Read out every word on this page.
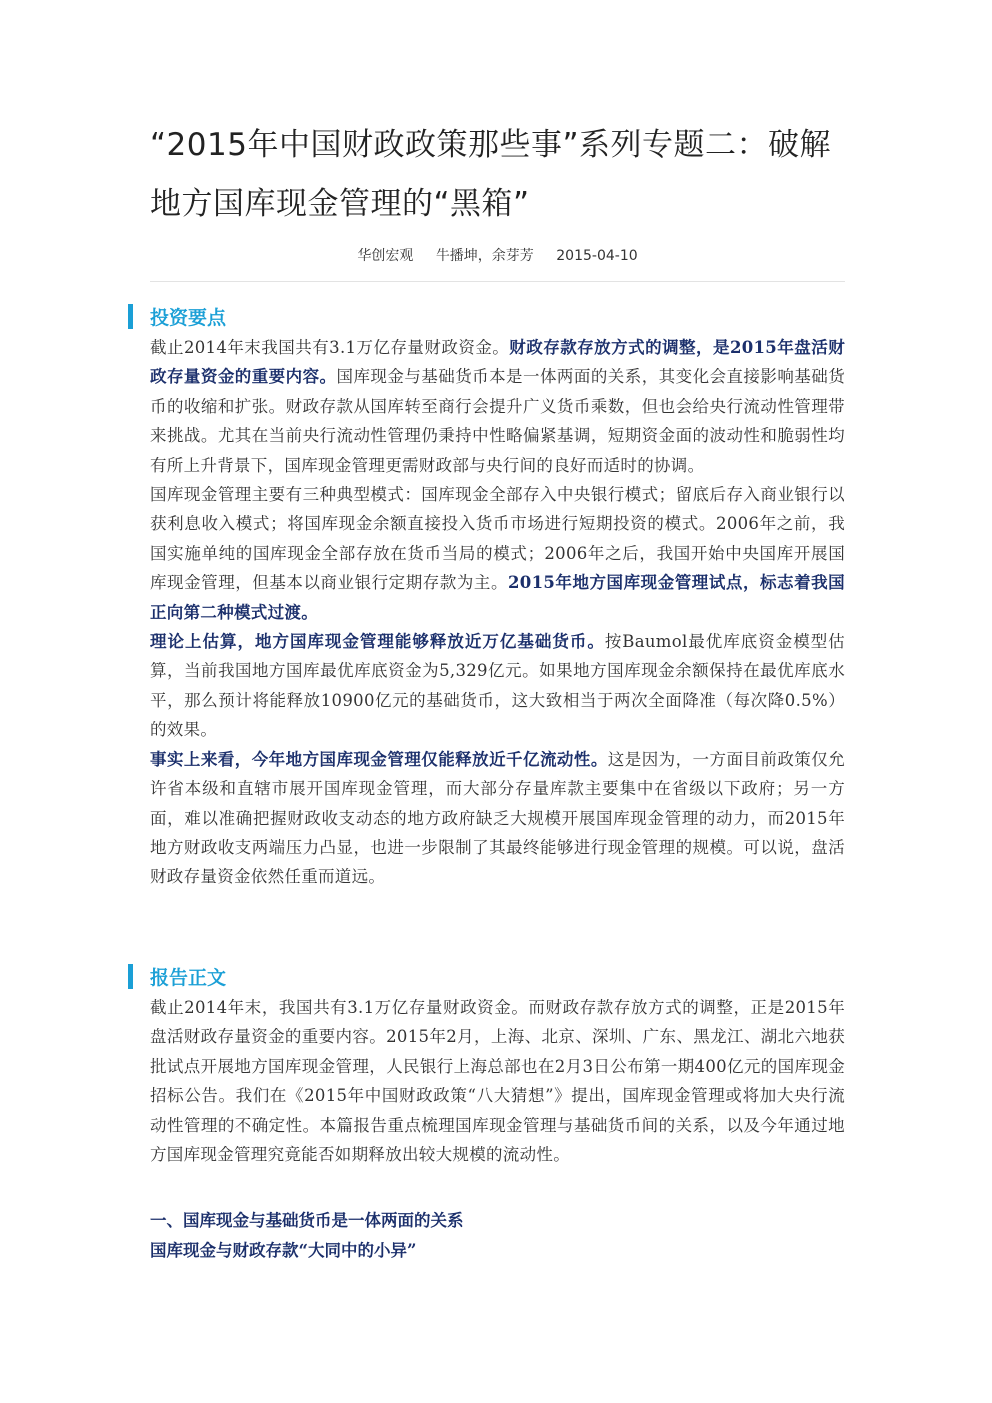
“2015年中国财政政策那些事”系列专题二：破解地方国库现金管理的“黑箱”
华创宏观 牛播坤，余芽芳 2015-04-10
投资要点

截止2014年末我国共有3.1万亿存量财政资金。财政存款存放方式的调整，是2015年盘活财政存量资金的重要内容。国库现金与基础货币本是一体两面的关系，其变化会直接影响基础货币的收缩和扩张。财政存款从国库转至商行会提升广义货币乘数，但也会给央行流动性管理带来挑战。尤其在当前央行流动性管理仍秉持中性略偏紧基调，短期资金面的波动性和脆弱性均有所上升背景下，国库现金管理更需财政部与央行间的良好而适时的协调。

国库现金管理主要有三种典型模式：国库现金全部存入中央银行模式；留底后存入商业银行以获利息收入模式；将国库现金余额直接投入货币市场进行短期投资的模式。2006年之前，我国实施单纯的国库现金全部存放在货币当局的模式；2006年之后，我国开始中央国库开展国库现金管理，但基本以商业银行定期存款为主。2015年地方国库现金管理试点，标志着我国正向第二种模式过渡。

理论上估算，地方国库现金管理能够释放近万亿基础货币。按Baumol最优库底资金模型估算，当前我国地方国库最优库底资金为5,329亿元。如果地方国库现金余额保持在最优库底水平，那么预计将能释放10900亿元的基础货币，这大致相当于两次全面降准（每次降0.5%）的效果。

事实上来看，今年地方国库现金管理仅能释放近千亿流动性。这是因为，一方面目前政策仅允许省本级和直辖市展开国库现金管理，而大部分存量库款主要集中在省级以下政府；另一方面，难以准确把握财政收支动态的地方政府缺乏大规模开展国库现金管理的动力，而2015年地方财政收支两端压力凸显，也进一步限制了其最终能够进行现金管理的规模。可以说，盘活财政存量资金依然任重而道远。

报告正文

截止2014年末，我国共有3.1万亿存量财政资金。而财政存款存放方式的调整，正是2015年盘活财政存量资金的重要内容。2015年2月，上海、北京、深圳、广东、黑龙江、湖北六地获批试点开展地方国库现金管理，人民银行上海总部也在2月3日公布第一期400亿元的国库现金招标公告。我们在《2015年中国财政政策“八大猜想”》提出，国库现金管理或将加大央行流动性管理的不确定性。本篇报告重点梳理国库现金管理与基础货币间的关系，以及今年通过地方国库现金管理究竟能否如期释放出较大规模的流动性。

一、国库现金与基础货币是一体两面的关系
国库现金与财政存款“大同中的小异”
